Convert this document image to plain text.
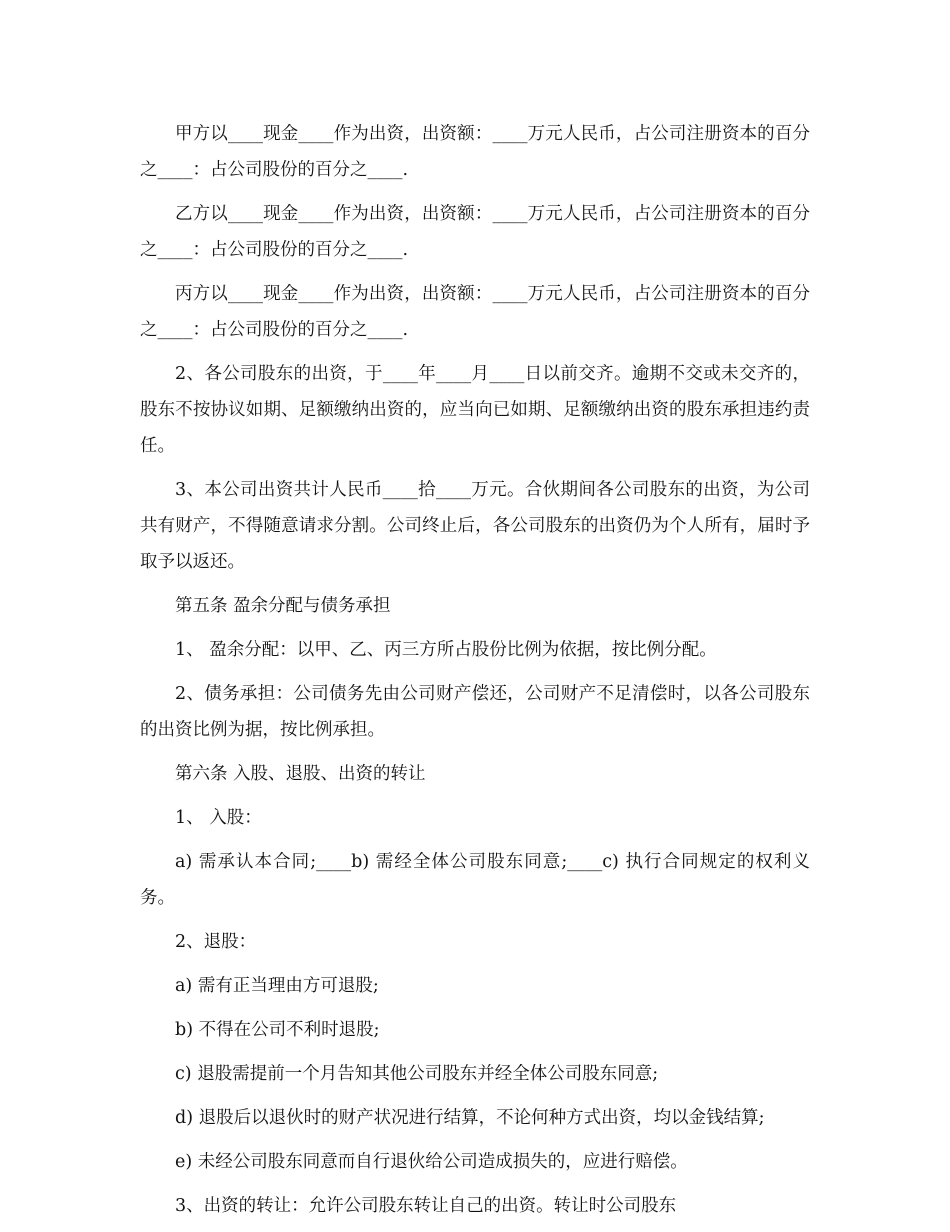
甲方以____现金____作为出资，出资额：____万元人民币，占公司注册资本的百分之____：占公司股份的百分之____.

乙方以____现金____作为出资，出资额：____万元人民币，占公司注册资本的百分之____：占公司股份的百分之____.

丙方以____现金____作为出资，出资额：____万元人民币，占公司注册资本的百分之____：占公司股份的百分之____.

2、各公司股东的出资，于____年____月____日以前交齐。逾期不交或未交齐的，股东不按协议如期、足额缴纳出资的，应当向已如期、足额缴纳出资的股东承担违约责任。

3、本公司出资共计人民币____拾____万元。合伙期间各公司股东的出资，为公司共有财产，不得随意请求分割。公司终止后，各公司股东的出资仍为个人所有，届时予取予以返还。

第五条 盈余分配与债务承担

1、 盈余分配：以甲、乙、丙三方所占股份比例为依据，按比例分配。

2、债务承担：公司债务先由公司财产偿还，公司财产不足清偿时，以各公司股东的出资比例为据，按比例承担。

第六条 入股、退股、出资的转让

1、 入股：

a) 需承认本合同;____b) 需经全体公司股东同意;____c) 执行合同规定的权利义务。

2、退股：

a) 需有正当理由方可退股;

b) 不得在公司不利时退股;

c) 退股需提前一个月告知其他公司股东并经全体公司股东同意;

d) 退股后以退伙时的财产状况进行结算，不论何种方式出资，均以金钱结算;

e) 未经公司股东同意而自行退伙给公司造成损失的，应进行赔偿。

3、出资的转让：允许公司股东转让自己的出资。转让时公司股东
